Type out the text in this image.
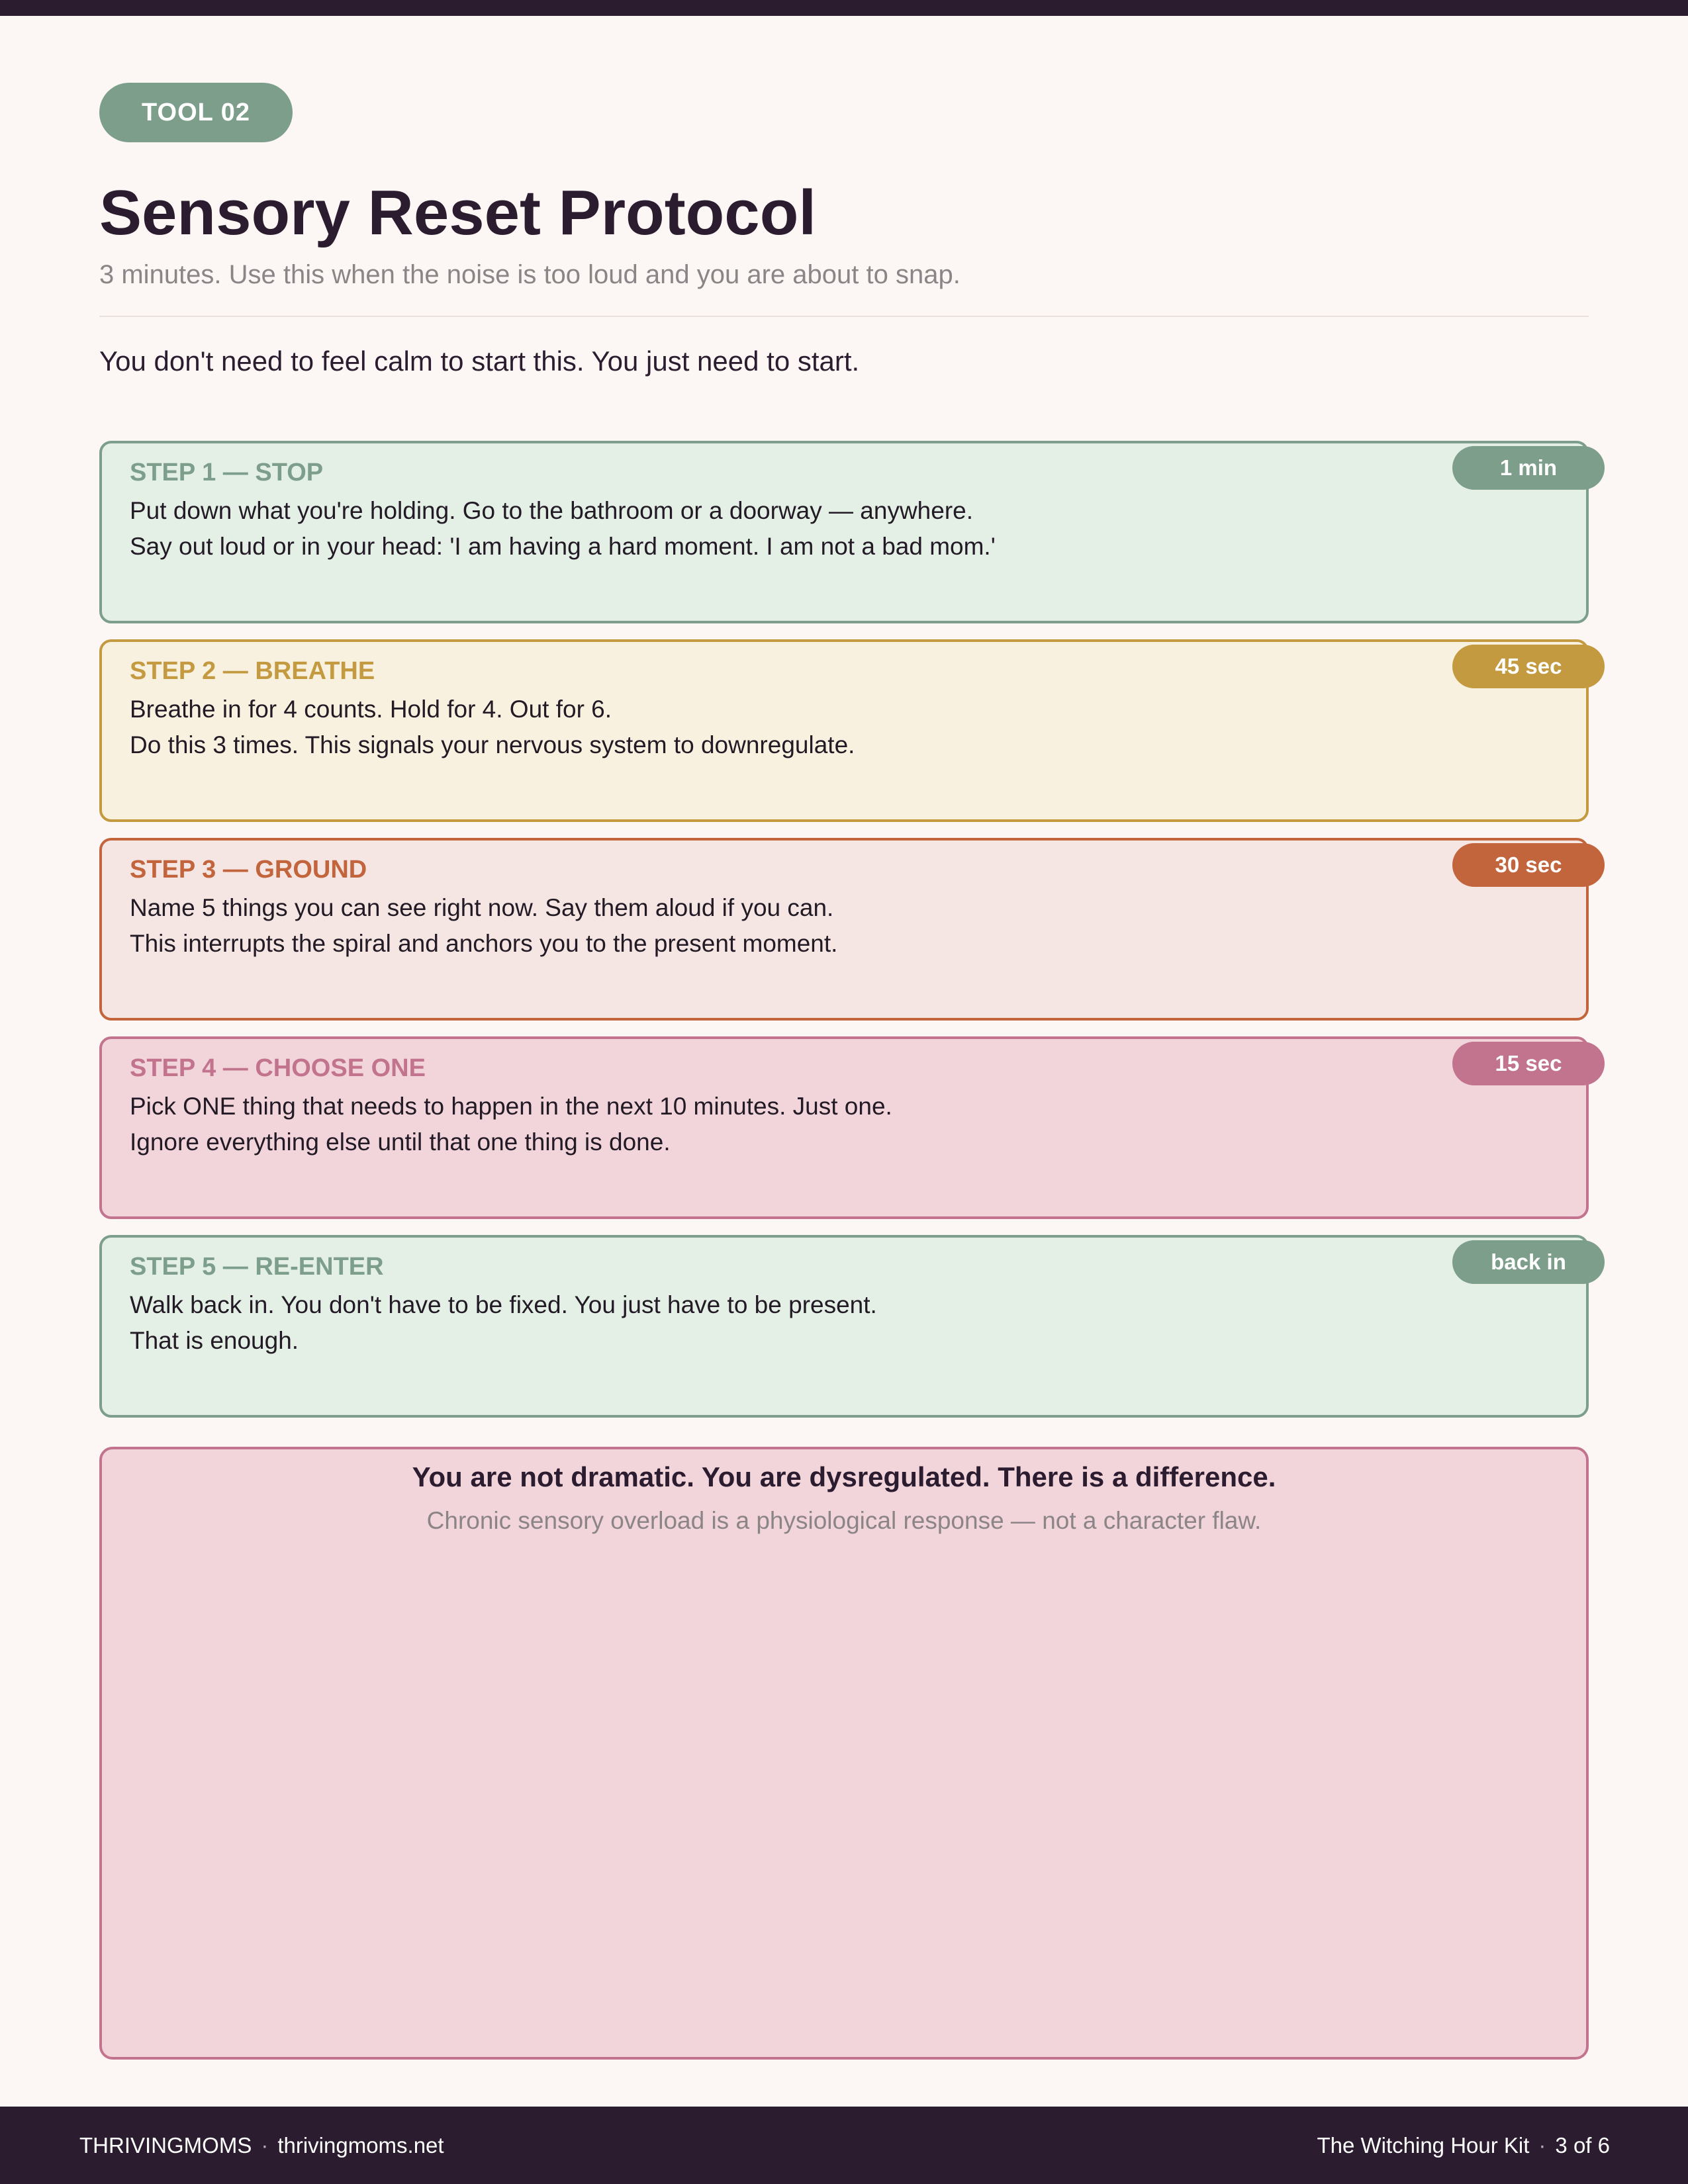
TOOL 02
Sensory Reset Protocol
3 minutes. Use this when the noise is too loud and you are about to snap.
You don't need to feel calm to start this. You just need to start.
STEP 1 — STOP
Put down what you're holding. Go to the bathroom or a doorway — anywhere.
Say out loud or in your head: 'I am having a hard moment. I am not a bad mom.'
1 min
STEP 2 — BREATHE
Breathe in for 4 counts. Hold for 4. Out for 6.
Do this 3 times. This signals your nervous system to downregulate.
45 sec
STEP 3 — GROUND
Name 5 things you can see right now. Say them aloud if you can.
This interrupts the spiral and anchors you to the present moment.
30 sec
STEP 4 — CHOOSE ONE
Pick ONE thing that needs to happen in the next 10 minutes. Just one.
Ignore everything else until that one thing is done.
15 sec
STEP 5 — RE-ENTER
Walk back in. You don't have to be fixed. You just have to be present.
That is enough.
back in
You are not dramatic. You are dysregulated. There is a difference.
Chronic sensory overload is a physiological response — not a character flaw.
THRIVINGMOMS · thrivingmoms.net	The Witching Hour Kit · 3 of 6
